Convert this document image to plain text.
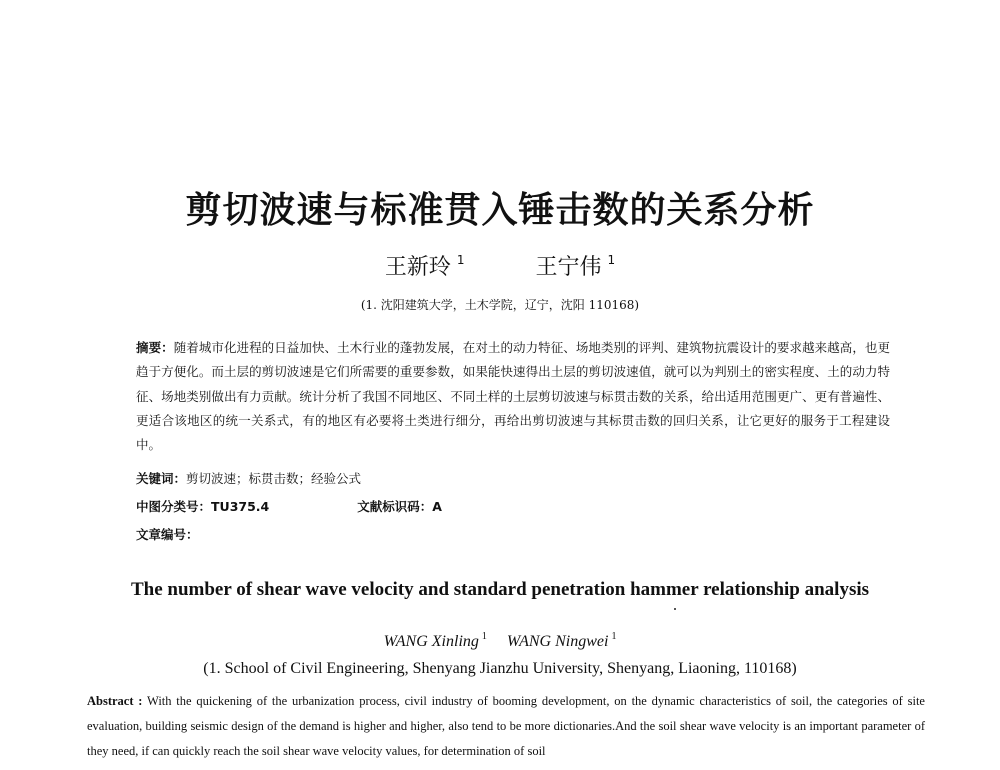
剪切波速与标准贯入锤击数的关系分析
王新玲 $^1$	王宁伟 $^1$
(1. 沈阳建筑大学，土木学院，辽宁，沈阳 110168)
摘要：随着城市化进程的日益加快、土木行业的蓬勃发展，在对土的动力特征、场地类别的评判、建筑物抗震设计的要求越来越高，也更趋于方便化。而土层的剪切波速是它们所需要的重要参数，如果能快速得出土层的剪切波速值，就可以为判别土的密实程度、土的动力特征、场地类别做出有力贡献。统计分析了我国不同地区、不同土样的土层剪切波速与标贯击数的关系，给出适用范围更广、更有普遍性、更适合该地区的统一关系式，有的地区有必要将土类进行细分，再给出剪切波速与其标贯击数的回归关系，让它更好的服务于工程建设中。
关键词：剪切波速；标贯击数；经验公式
中图分类号：TU375.4	文献标识码：A
文章编号：
The number of shear wave velocity and standard penetration hammer relationship analysis
WANG Xinling $^1$ WANG Ningwei $^1$
(1. School of Civil Engineering, Shenyang Jianzhu University, Shenyang, Liaoning, 110168)
Abstract : With the quickening of the urbanization process, civil industry of booming development, on the dynamic characteristics of soil, the categories of site evaluation, building seismic design of the demand is higher and higher, also tend to be more dictionaries.And the soil shear wave velocity is an important parameter of they need, if can quickly reach the soil shear wave velocity values, for determination of soil
